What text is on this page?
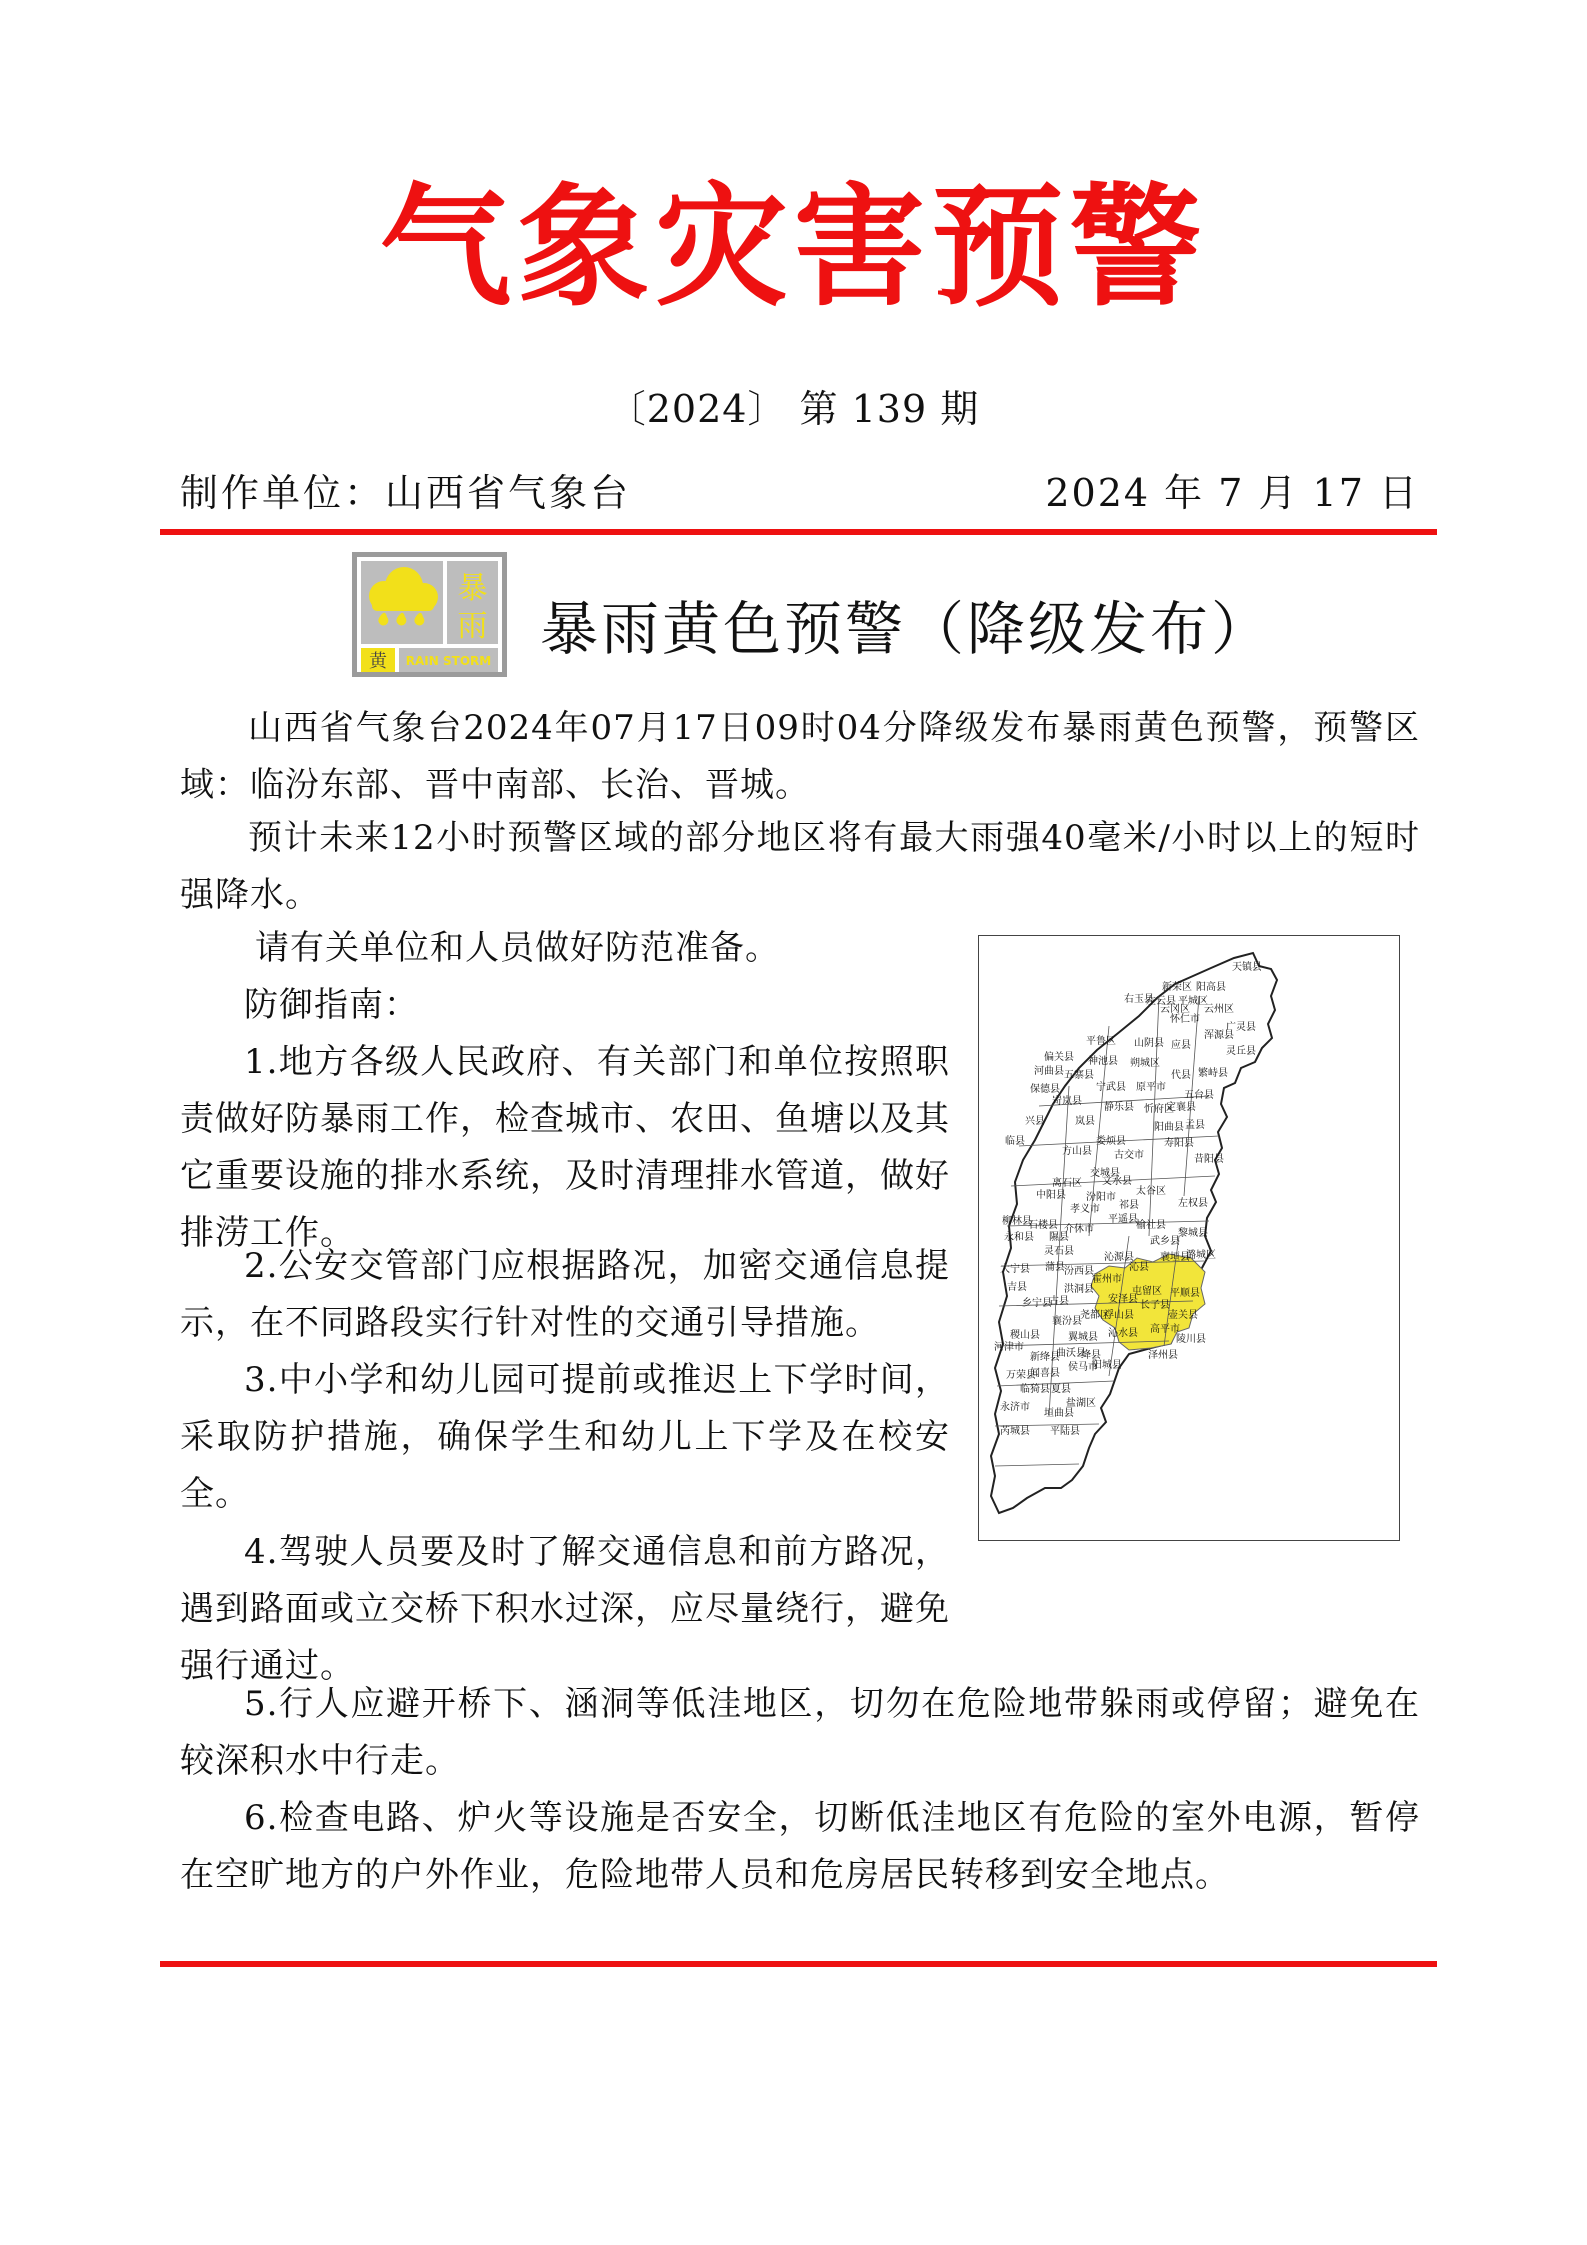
气象灾害预警
〔2024〕 第 139 期
制作单位：山西省气象台	2024 年 7 月 17 日
暴
雨
黄 RAIN STORM 暴雨黄色预警（降级发布）

山西省气象台2024年07月17日09时04分降级发布暴雨黄色预警，预警区域：临汾东部、晋中南部、长治、晋城。

预计未来12小时预警区域的部分地区将有最大雨强40毫米/小时以上的短时强降水。

请有关单位和人员做好防范准备。

防御指南：

1.地方各级人民政府、有关部门和单位按照职责做好防暴雨工作，检查城市、农田、鱼塘以及其它重要设施的排水系统，及时清理排水管道，做好排涝工作。

2.公安交管部门应根据路况，加密交通信息提示，在不同路段实行针对性的交通引导措施。

3.中小学和幼儿园可提前或推迟上下学时间，采取防护措施，确保学生和幼儿上下学及在校安全。

4.驾驶人员要及时了解交通信息和前方路况，遇到路面或立交桥下积水过深，应尽量绕行，避免强行通过。

5.行人应避开桥下、涵洞等低洼地区，切勿在危险地带躲雨或停留；避免在较深积水中行走。

6.检查电路、炉火等设施是否安全，切断低洼地区有危险的室外电源，暂停在空旷地方的户外作业，危险地带人员和危房居民转移到安全地点。

天镇县
新荣区 阳高县
右玉县
左云县 平城区
云冈区 云州区
怀仁市
广灵县
浑源县
平鲁区 山阴县 应县
灵丘县
偏关县
河曲县
神池县 朔城区
代县 繁峙县
五寨县
保德县	宁武县 原平市
五台县
岢岚县
静乐县 忻府区
定襄县
兴县	岚县
阳曲县 孟县
临县
方山县
娄烦县
古交市
寿阳县
昔阳县
交城县
离石区 文水县
太谷区
中阳县 汾阳市
孝义市 祁县
平遥县
榆社县
左权县
柳林县
石楼县
永和县 隰县
介休市
灵石县
武乡县
沁源县
沁县
襄垣县
黎城县
潞城区
蒲县 汾西县
大宁县
吉县	洪洞县	屯留区
霍州市
古县	安泽县
长子县
平顺县
乡宁县
尧都区
浮山县	壶关县
襄汾县
沁水县 高平市
陵川县
翼城县
稷山县
曲沃县
侯马市
新绛县
河津市
万荣县
绛县
阳城县
泽州县
闻喜县
夏县
临猗县
盐湖区
垣曲县
永济市
芮城县 平陆县
